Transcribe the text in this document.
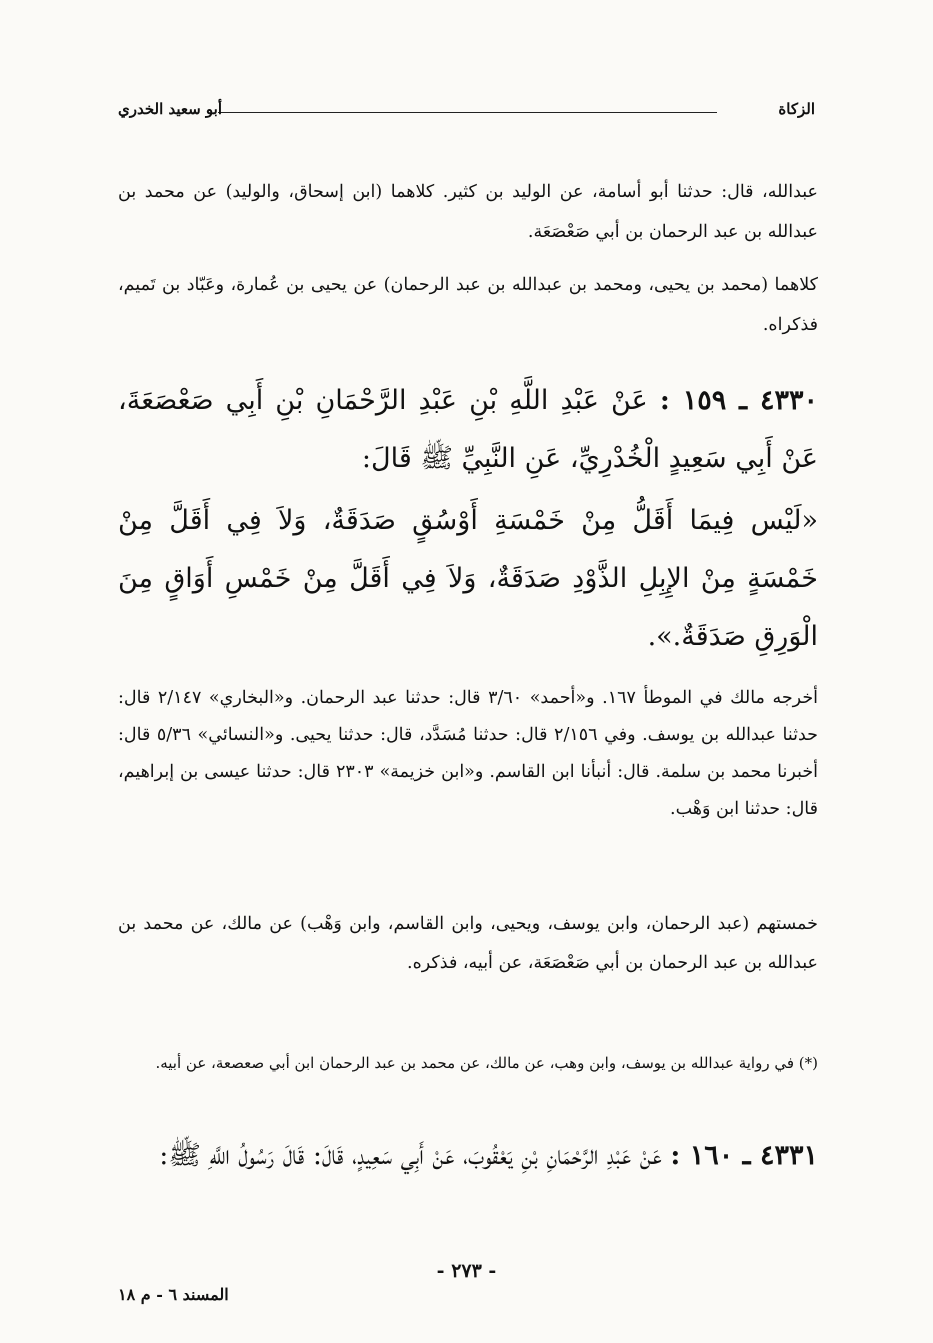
الزكاة
أبو سعيد الخدري
عبدالله، قال: حدثنا أبو أسامة، عن الوليد بن كثير. كلاهما (ابن إسحاق، والوليد) عن محمد بن عبدالله بن عبد الرحمان بن أبي صَعْصَعَة.
كلاهما (محمد بن يحيى، ومحمد بن عبدالله بن عبد الرحمان) عن يحيى بن عُمارة، وعَبّاد بن تَميم، فذكراه.
٤٣٣٠ ـ ١٥٩ : عَنْ عَبْدِ اللَّهِ بْنِ عَبْدِ الرَّحْمَانِ بْنِ أَبِي صَعْصَعَةَ، عَنْ أَبِي سَعِيدٍ الْخُدْرِيِّ، عَنِ النَّبِيِّ ﷺ قَالَ:
«لَيْس فِيمَا أَقَلُّ مِنْ خَمْسَةِ أَوْسُقٍ صَدَقَةٌ، وَلاَ فِي أَقَلَّ مِنْ خَمْسَةٍ مِنْ الإِبِلِ الذَّوْدِ صَدَقَةٌ، وَلاَ فِي أَقَلَّ مِنْ خَمْسِ أَوَاقٍ مِنَ الْوَرِقِ صَدَقَةٌ.».
أخرجه مالك في الموطأ ١٦٧. و«أحمد» ٣/٦٠ قال: حدثنا عبد الرحمان. و«البخاري» ٢/١٤٧ قال: حدثنا عبدالله بن يوسف. وفي ٢/١٥٦ قال: حدثنا مُسَدَّد، قال: حدثنا يحيى. و«النسائي» ٥/٣٦ قال: أخبرنا محمد بن سلمة. قال: أنبأنا ابن القاسم. و«ابن خزيمة» ٢٣٠٣ قال: حدثنا عيسى بن إبراهيم، قال: حدثنا ابن وَهْب.
خمستهم (عبد الرحمان، وابن يوسف، ويحيى، وابن القاسم، وابن وَهْب) عن مالك، عن محمد بن عبدالله بن عبد الرحمان بن أبي صَعْصَعَة، عن أبيه، فذكره.
(*) في رواية عبدالله بن يوسف، وابن وهب، عن مالك، عن محمد بن عبد الرحمان ابن أبي صعصعة، عن أبيه.
٤٣٣١ ـ ١٦٠ : عَنْ عَبْدِ الرَّحْمَانِ بْنِ يَعْقُوبَ، عَنْ أَبِي سَعِيدٍ، قَالَ: قَالَ رَسُولُ اللَّهِ ﷺ:
- ٢٧٣ -
المسند ٦ - م ١٨
